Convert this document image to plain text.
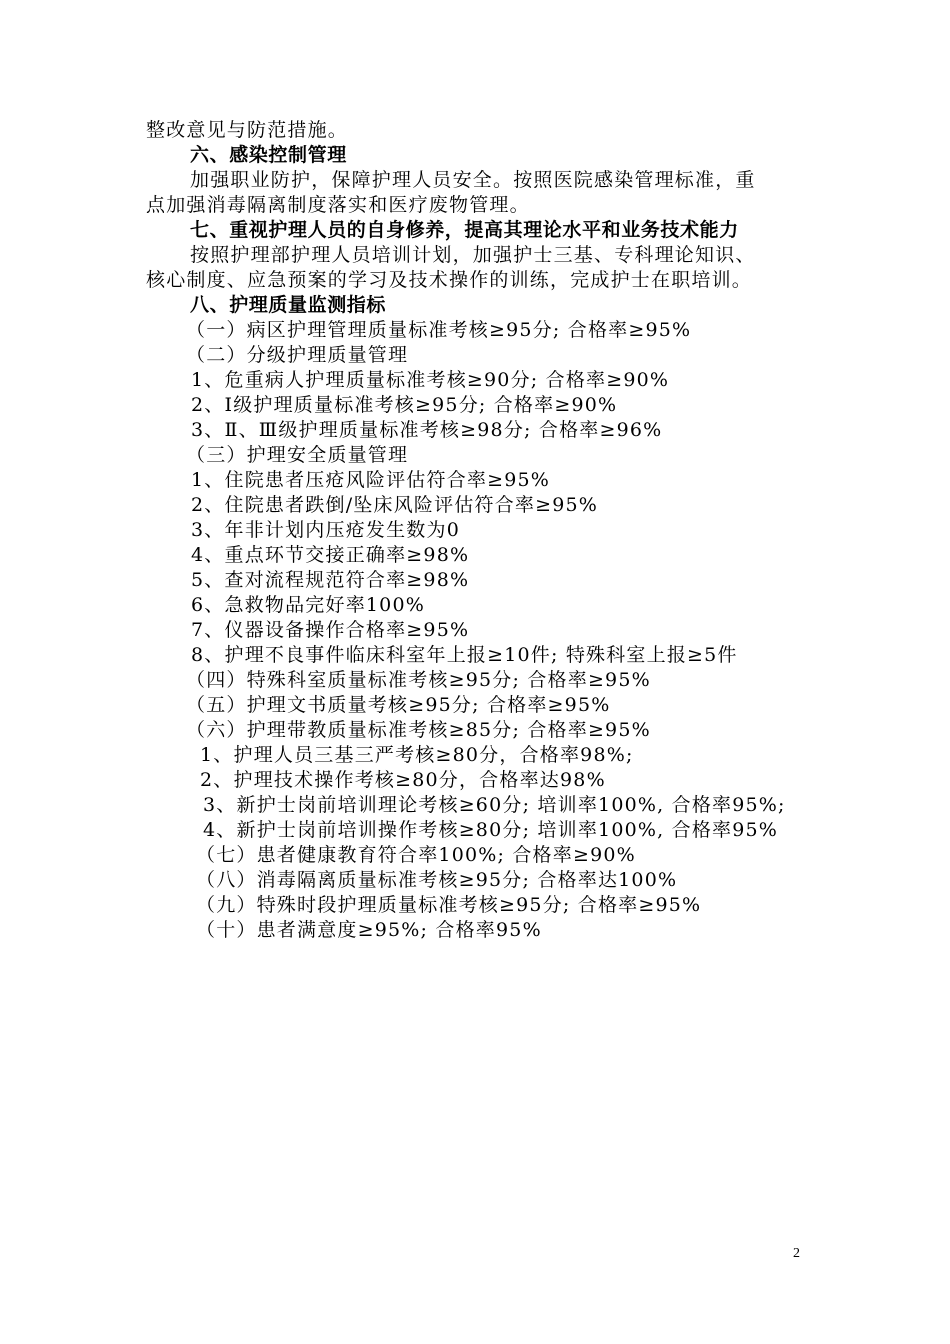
整改意见与防范措施。
六、感染控制管理
加强职业防护，保障护理人员安全。按照医院感染管理标准，重
点加强消毒隔离制度落实和医疗废物管理。
七、重视护理人员的自身修养，提高其理论水平和业务技术能力
按照护理部护理人员培训计划，加强护士三基、专科理论知识、
核心制度、应急预案的学习及技术操作的训练，完成护士在职培训。
八、护理质量监测指标
（一）病区护理管理质量标准考核≥95分; 合格率≥95%
（二）分级护理质量管理
1、危重病人护理质量标准考核≥90分; 合格率≥90%
2、Ⅰ级护理质量标准考核≥95分; 合格率≥90%
3、Ⅱ、Ⅲ级护理质量标准考核≥98分; 合格率≥96%
（三）护理安全质量管理
1、住院患者压疮风险评估符合率≥95%
2、住院患者跌倒/坠床风险评估符合率≥95%
3、年非计划内压疮发生数为0
4、重点环节交接正确率≥98%
5、查对流程规范符合率≥98%
6、急救物品完好率100%
7、仪器设备操作合格率≥95%
8、护理不良事件临床科室年上报≥10件; 特殊科室上报≥5件
（四）特殊科室质量标准考核≥95分; 合格率≥95%
（五）护理文书质量考核≥95分; 合格率≥95%
（六）护理带教质量标准考核≥85分; 合格率≥95%
1、护理人员三基三严考核≥80分，合格率98%;
2、护理技术操作考核≥80分，合格率达98%
3、新护士岗前培训理论考核≥60分; 培训率100%, 合格率95%;
4、新护士岗前培训操作考核≥80分; 培训率100%, 合格率95%
（七）患者健康教育符合率100%; 合格率≥90%
（八）消毒隔离质量标准考核≥95分; 合格率达100%
（九）特殊时段护理质量标准考核≥95分; 合格率≥95%
（十）患者满意度≥95%; 合格率95%
2
